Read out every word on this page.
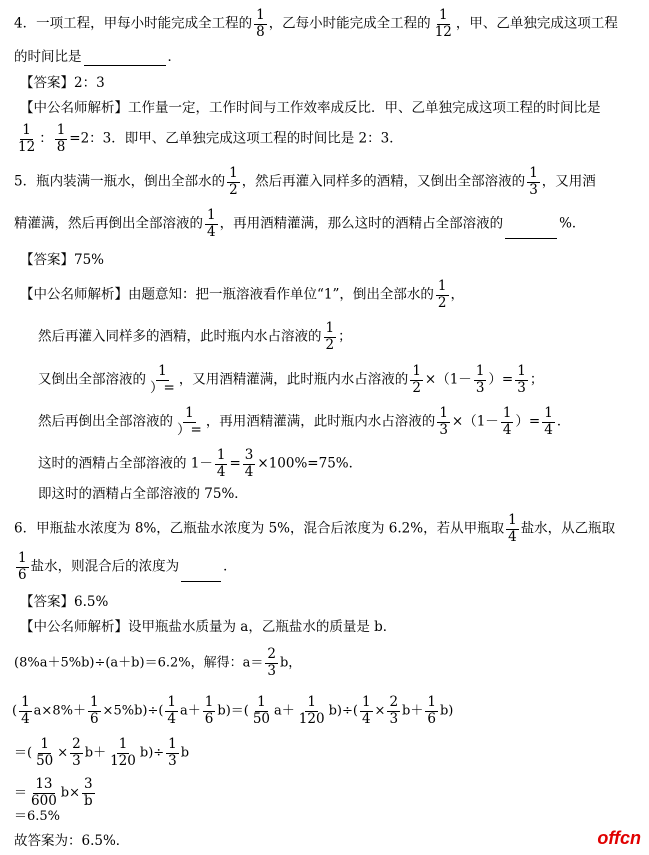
4．一项工程，甲每小时能完成全工程的 $\frac{1}{8}$ ，乙每小时能完成全工程的 $\frac{1}{12}$ ，甲、乙单独完成这项工程
的时间比是	．
【答案】2：3
【中公名师解析】工作量一定，工作时间与工作效率成反比．甲、乙单独完成这项工程的时间比是
$\frac{1}{12}$ ： $\frac{1}{8} =2$：3．即甲、乙单独完成这项工程的时间比是 2：3．
5．瓶内装满一瓶水，倒出全部水的 $\frac{1}{2}$ ，然后再灌入同样多的酒精，又倒出全部溶液的 $\frac{1}{3}$ ，又用酒
精灌满，然后再倒出全部溶液的 $\frac{1}{4}$ ，再用酒精灌满，那么这时的酒精占全部溶液的	%．
【答案】75%
【中公名师解析】由题意知：把一瓶溶液看作单位“1”，倒出全部水的 $\frac{1}{2}$ ，
然后再灌入同样多的酒精，此时瓶内水占溶液的 $\frac{1}{2}$ ；
又倒出全部溶液的 $\frac{1}{)=}$ ，又用酒精灌满，此时瓶内水占溶液的 $\frac{1}{2} \times(1- \frac{1}{3}$ ）= $\frac{1}{3}$ ；
然后再倒出全部溶液的 $\frac{1}{)=}$ ，再用酒精灌满，此时瓶内水占溶液的 $\frac{1}{3} \times(1- \frac{1}{4}$ ）= $\frac{1}{4}$ ．
这时的酒精占全部溶液的 $1- \frac{1}{4} = \frac{3}{4} \times 100\%=75\%$．
即这时的酒精占全部溶液的 75%．
6．甲瓶盐水浓度为 8%，乙瓶盐水浓度为 5%，混合后浓度为 6.2%，若从甲瓶取 $\frac{1}{4}$ 盐水，从乙瓶取
$\frac{1}{6}$ 盐水，则混合后的浓度为	．
【答案】6.5%
【中公名师解析】设甲瓶盐水质量为 a，乙瓶盐水的质量是 b．
(8%a＋5%b)÷(a＋b)＝6.2%，解得：$a= \frac{2}{3}$ b，
( $\frac{1}{4} a\times 8\%+ \frac{1}{6} \times 5\%b)\div( \frac{1}{4} a+ \frac{1}{6} b)=( \frac{1}{50} a+ \frac{1}{120} b)\div( \frac{1}{4} \times \frac{2}{3} b+ \frac{1}{6} b)$
＝( $\frac{1}{50} \times \frac{2}{3} b+ \frac{1}{120} b)\div \frac{1}{3}$ b
＝ $\frac{13}{600} b\times \frac{3}{b}$
＝6.5%
故答案为：6.5%．	offcn
